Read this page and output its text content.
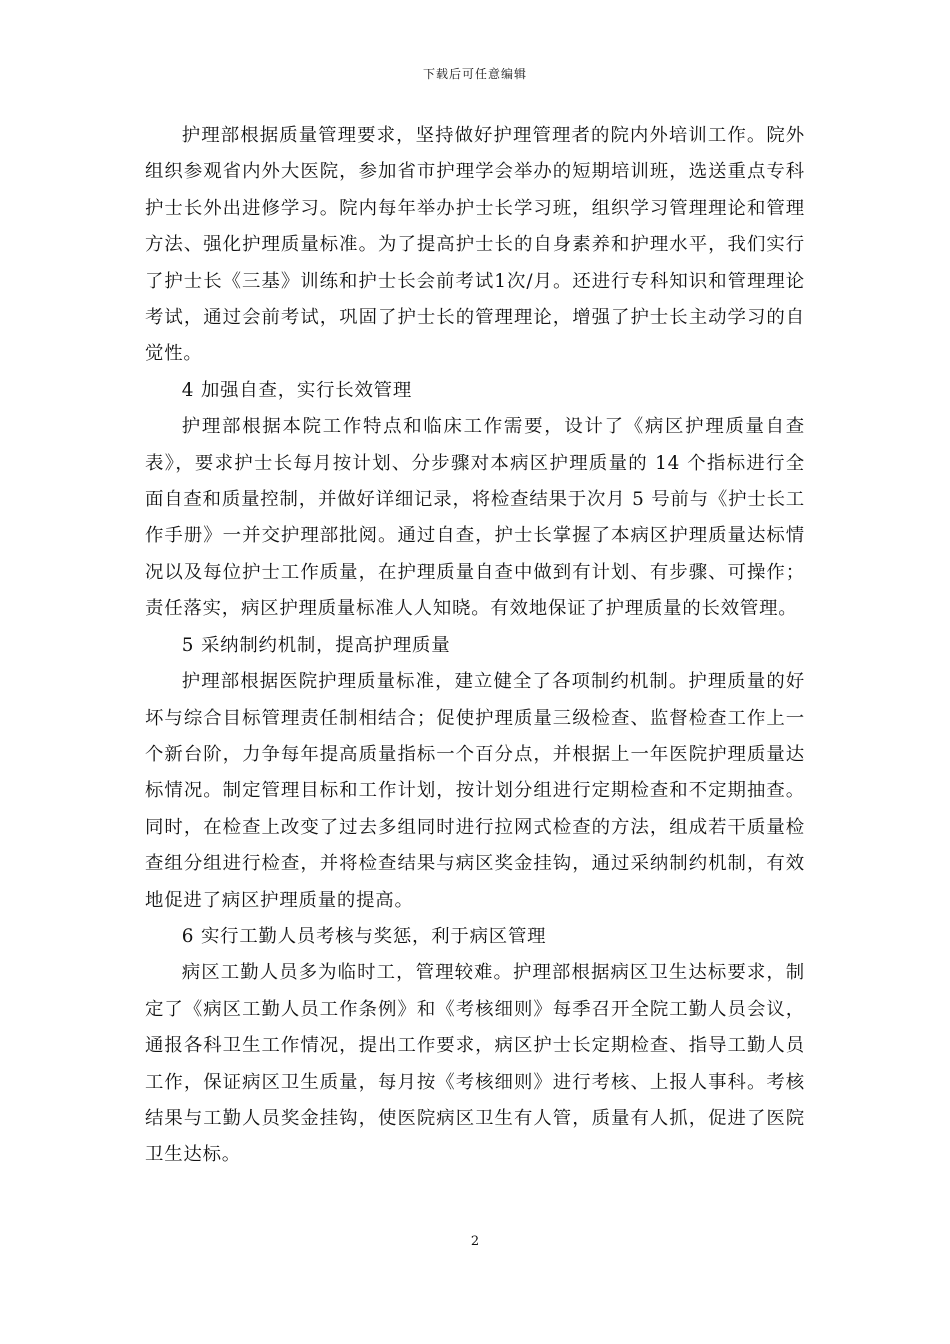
下载后可任意编辑

护理部根据质量管理要求，坚持做好护理管理者的院内外培训工作。院外组织参观省内外大医院，参加省市护理学会举办的短期培训班，选送重点专科护士长外出进修学习。院内每年举办护士长学习班，组织学习管理理论和管理方法、强化护理质量标准。为了提高护士长的自身素养和护理水平，我们实行了护士长《三基》训练和护士长会前考试1次/月。还进行专科知识和管理理论考试，通过会前考试，巩固了护士长的管理理论，增强了护士长主动学习的自觉性。

4 加强自查，实行长效管理

护理部根据本院工作特点和临床工作需要，设计了《病区护理质量自查表》，要求护士长每月按计划、分步骤对本病区护理质量的 14 个指标进行全面自查和质量控制，并做好详细记录，将检查结果于次月 5 号前与《护士长工作手册》一并交护理部批阅。通过自查，护士长掌握了本病区护理质量达标情况以及每位护士工作质量，在护理质量自查中做到有计划、有步骤、可操作；责任落实，病区护理质量标准人人知晓。有效地保证了护理质量的长效管理。

5 采纳制约机制，提高护理质量

护理部根据医院护理质量标准，建立健全了各项制约机制。护理质量的好坏与综合目标管理责任制相结合；促使护理质量三级检查、监督检查工作上一个新台阶，力争每年提高质量指标一个百分点，并根据上一年医院护理质量达标情况。制定管理目标和工作计划，按计划分组进行定期检查和不定期抽查。同时，在检查上改变了过去多组同时进行拉网式检查的方法，组成若干质量检查组分组进行检查，并将检查结果与病区奖金挂钩，通过采纳制约机制，有效地促进了病区护理质量的提高。

6 实行工勤人员考核与奖惩，利于病区管理

病区工勤人员多为临时工，管理较难。护理部根据病区卫生达标要求，制定了《病区工勤人员工作条例》和《考核细则》每季召开全院工勤人员会议，通报各科卫生工作情况，提出工作要求，病区护士长定期检查、指导工勤人员工作，保证病区卫生质量，每月按《考核细则》进行考核、上报人事科。考核结果与工勤人员奖金挂钩，使医院病区卫生有人管，质量有人抓，促进了医院卫生达标。

2
